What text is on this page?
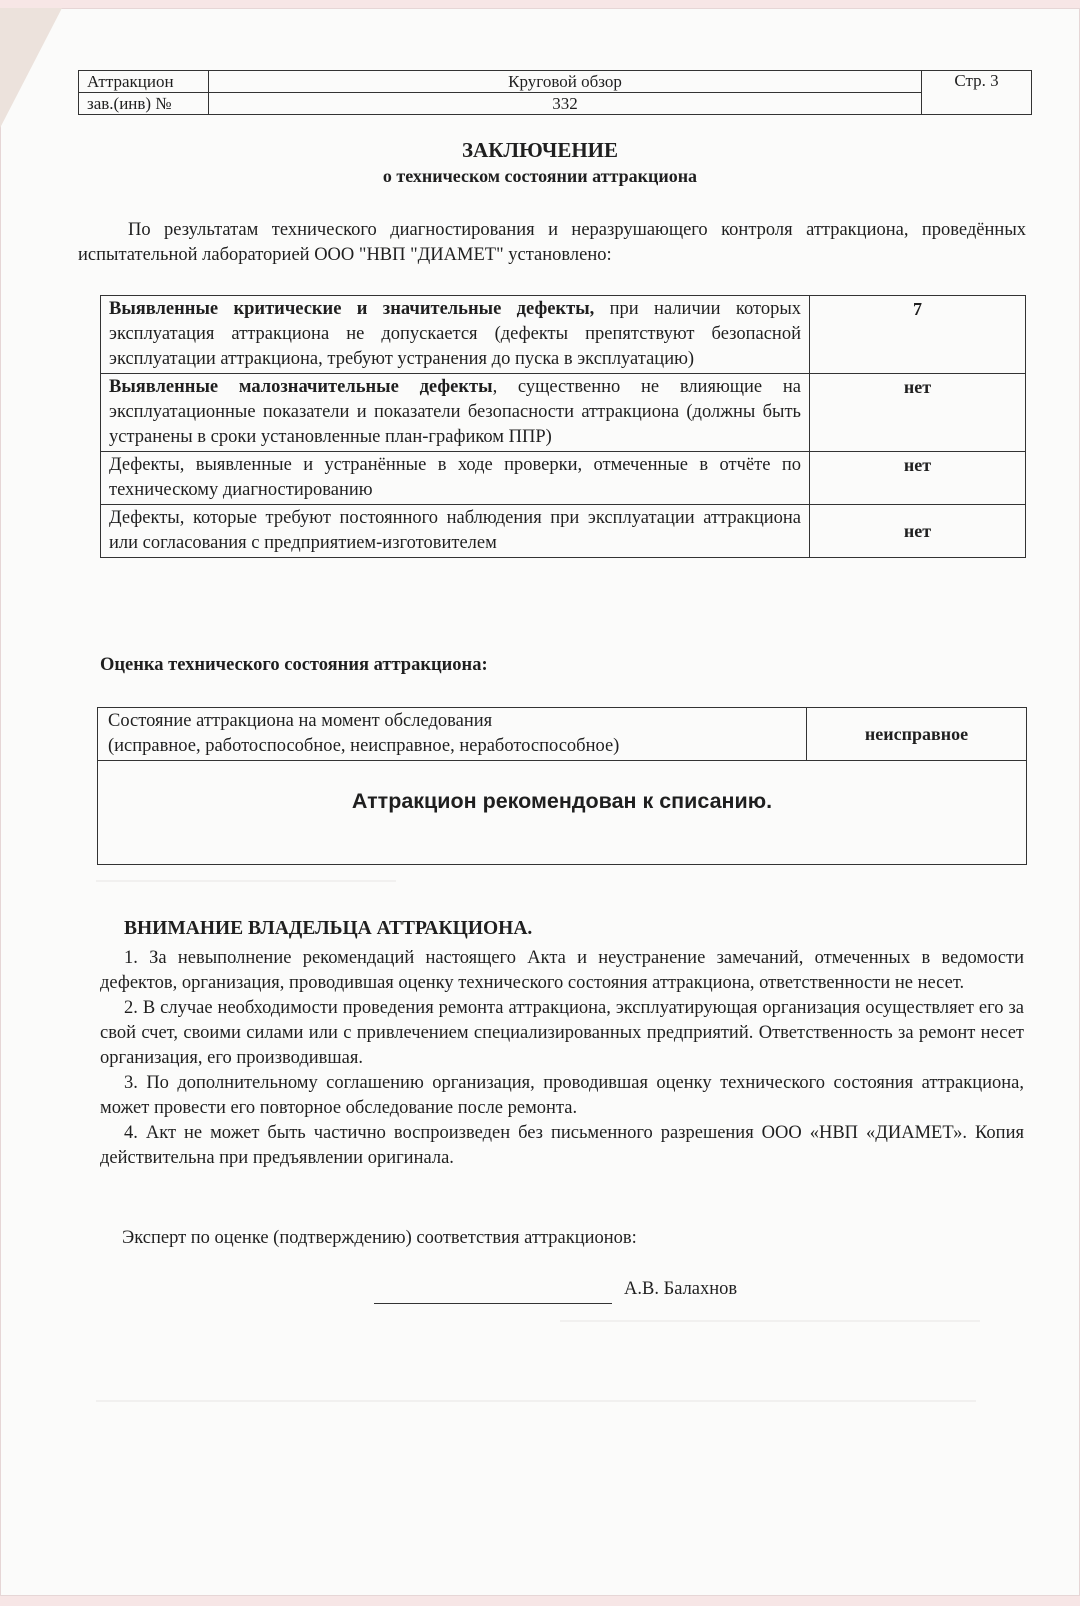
Аттракцион	Круговой обзор	Стр. 3
зав.(инв) №	332	
ЗАКЛЮЧЕНИЕ
о техническом состоянии аттракциона
По результатам технического диагностирования и неразрушающего контроля аттракциона, проведённых испытательной лабораторией ООО "НВП "ДИАМЕТ" установлено:
Выявленные критические и значительные дефекты, при наличии которых эксплуатация аттракциона не допускается (дефекты препятствуют безопасной эксплуатации аттракциона, требуют устранения до пуска в эксплуатацию)	7
Выявленные малозначительные дефекты, существенно не влияющие на эксплуатационные показатели и показатели безопасности аттракциона (должны быть устранены в сроки установленные план-графиком ППР)	нет
Дефекты, выявленные и устранённые в ходе проверки, отмеченные в отчёте по техническому диагностированию	нет
Дефекты, которые требуют постоянного наблюдения при эксплуатации аттракциона или согласования с предприятием-изготовителем	нет
Оценка технического состояния аттракциона:
Состояние аттракциона на момент обследования
(исправное, работоспособное, неисправное, неработоспособное)
	неисправное
Аттракцион рекомендован к списанию.
ВНИМАНИЕ ВЛАДЕЛЬЦА АТТРАКЦИОНА.

1. За невыполнение рекомендаций настоящего Акта и неустранение замечаний, отмеченных в ведомости дефектов, организация, проводившая оценку технического состояния аттракциона, ответственности не несет.

2. В случае необходимости проведения ремонта аттракциона, эксплуатирующая организация осуществляет его за свой счет, своими силами или с привлечением специализированных предприятий. Ответственность за ремонт несет организация, его производившая.

3. По дополнительному соглашению организация, проводившая оценку технического состояния аттракциона, может провести его повторное обследование после ремонта.

4. Акт не может быть частично воспроизведен без письменного разрешения ООО «НВП «ДИАМЕТ». Копия действительна при предъявлении оригинала.

Эксперт по оценке (подтверждению) соответствия аттракционов:
А.В. Балахнов
